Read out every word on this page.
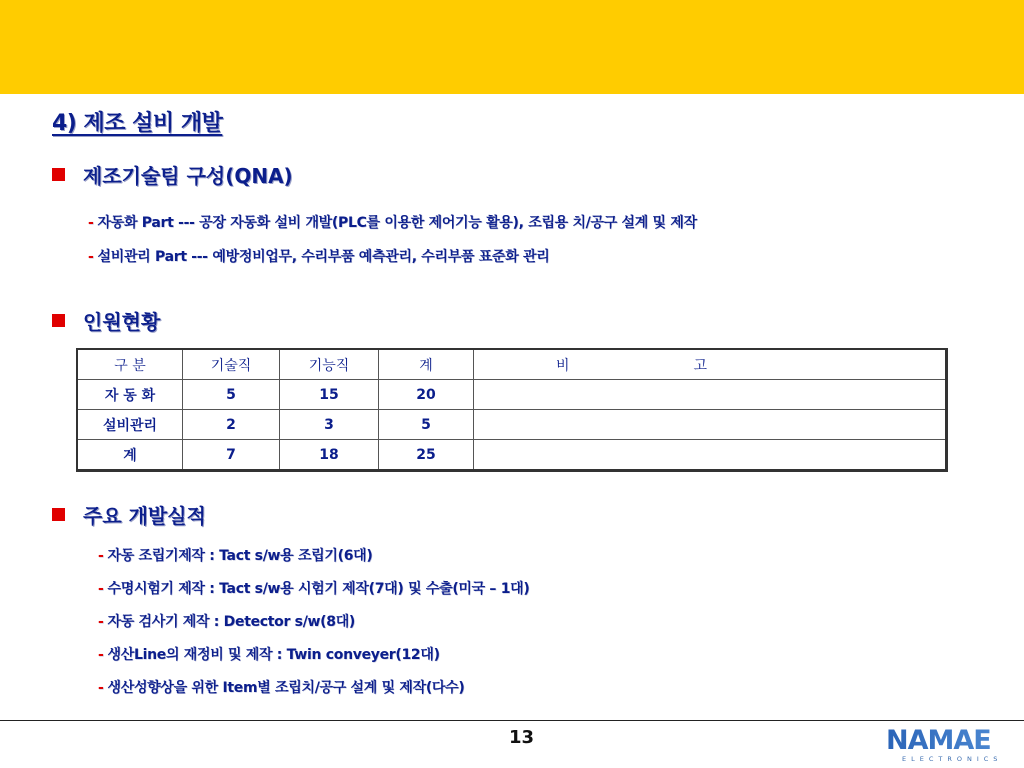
4) 제조 설비 개발
제조기술팀 구성(QNA)
- 자동화 Part --- 공장 자동화 설비 개발(PLC를 이용한 제어기능 활용), 조립용 치/공구 설계 및 제작
- 설비관리 Part --- 예방정비업무, 수리부품 예측관리, 수리부품 표준화 관리
인원현황
구 분	기술직	기능직	계	비 고
자 동 화	5	15	20	
설비관리	2	3	5	
계	7	18	25	
주요 개발실적
- 자동 조립기제작 : Tact s/w용 조립기(6대)
- 수명시험기 제작 : Tact s/w용 시험기 제작(7대) 및 수출(미국 – 1대)
- 자동 검사기 제작 : Detector s/w(8대)
- 생산Line의 재정비 및 제작 : Twin conveyer(12대)
- 생산성향상을 위한 Item별 조립치/공구 설계 및 제작(다수)
13	NAMAE
ELECTRONICS
